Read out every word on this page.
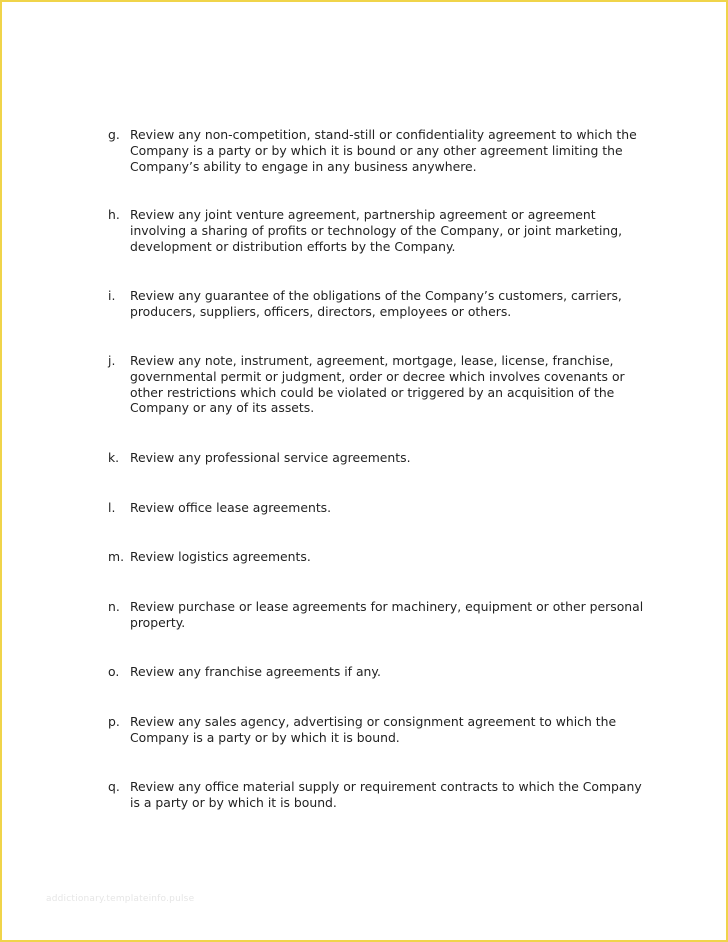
g. Review any non-competition, stand-still or confidentiality agreement to which the Company is a party or by which it is bound or any other agreement limiting the Company’s ability to engage in any business anywhere.
h. Review any joint venture agreement, partnership agreement or agreement involving a sharing of profits or technology of the Company, or joint marketing, development or distribution efforts by the Company.
i.	Review any guarantee of the obligations of the Company’s customers, carriers, producers, suppliers, officers, directors, employees or others.
j.	Review any note, instrument, agreement, mortgage, lease, license, franchise, governmental permit or judgment, order or decree which involves covenants or other restrictions which could be violated or triggered by an acquisition of the Company or any of its assets.
k. Review any professional service agreements.
l.	Review office lease agreements.
m. Review logistics agreements.
n. Review purchase or lease agreements for machinery, equipment or other personal property.
o. Review any franchise agreements if any.
p. Review any sales agency, advertising or consignment agreement to which the Company is a party or by which it is bound.
q. Review any office material supply or requirement contracts to which the Company is a party or by which it is bound.
addictionary.templateinfo.pulse
